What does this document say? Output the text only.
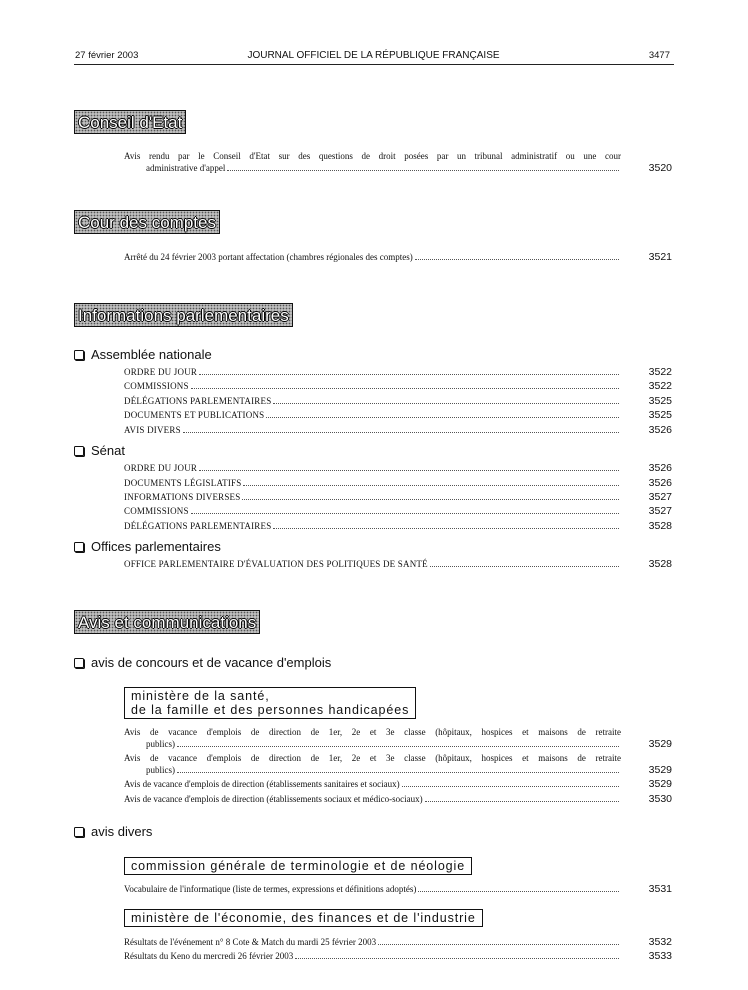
27 février 2003	JOURNAL OFFICIEL DE LA RÉPUBLIQUE FRANÇAISE	3477
Conseil d'Etat
Avis rendu par le Conseil d'Etat sur des questions de droit posées par un tribunal administratif ou une cour
administrative d'appel	3520
Cour des comptes
Arrêté du 24 février 2003 portant affectation (chambres régionales des comptes)	3521
Informations parlementaires
Assemblée nationale
ORDRE DU JOUR	3522
COMMISSIONS	3522
DÉLÉGATIONS PARLEMENTAIRES	3525
DOCUMENTS ET PUBLICATIONS	3525
AVIS DIVERS	3526
Sénat
ORDRE DU JOUR	3526
DOCUMENTS LÉGISLATIFS	3526
INFORMATIONS DIVERSES	3527
COMMISSIONS	3527
DÉLÉGATIONS PARLEMENTAIRES	3528
Offices parlementaires
OFFICE PARLEMENTAIRE D'ÉVALUATION DES POLITIQUES DE SANTÉ	3528
Avis et communications
avis de concours et de vacance d'emplois
ministère de la santé,
de la famille et des personnes handicapées
Avis de vacance d'emplois de direction de 1er, 2e et 3e classe (hôpitaux, hospices et maisons de retraite
publics)	3529
Avis de vacance d'emplois de direction de 1er, 2e et 3e classe (hôpitaux, hospices et maisons de retraite
publics)	3529
Avis de vacance d'emplois de direction (établissements sanitaires et sociaux)	3529
Avis de vacance d'emplois de direction (établissements sociaux et médico-sociaux)	3530
avis divers
commission générale de terminologie et de néologie
Vocabulaire de l'informatique (liste de termes, expressions et définitions adoptés)	3531
ministère de l'économie, des finances et de l'industrie
Résultats de l'événement n° 8 Cote & Match du mardi 25 février 2003	3532
Résultats du Keno du mercredi 26 février 2003	3533
